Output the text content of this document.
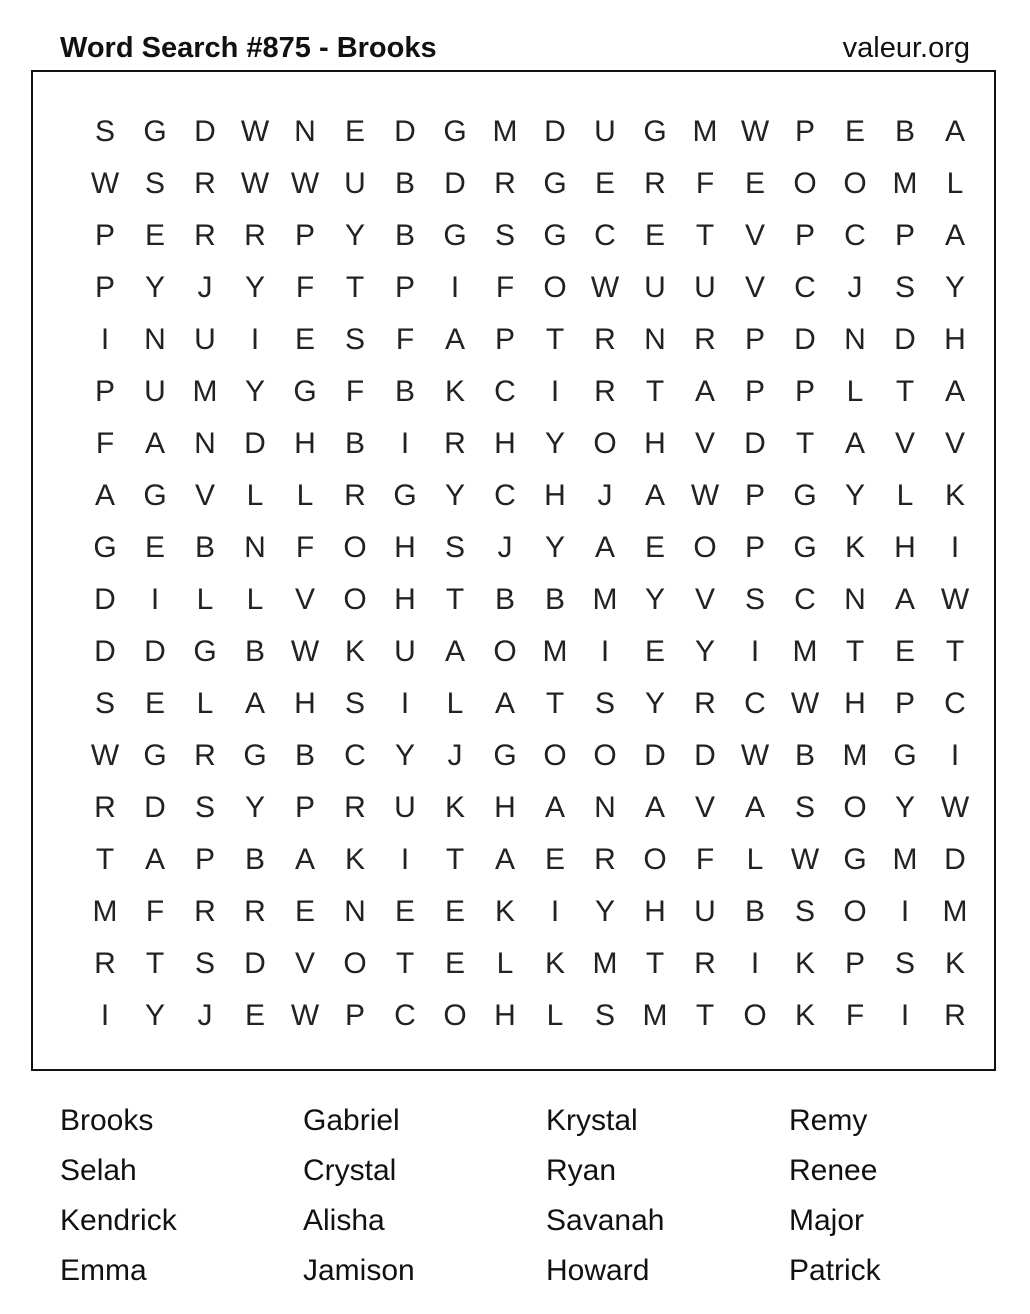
Word Search #875 - Brooks	valeur.org
S G D W N E D G M D U G M W P E B A
W S R W W U B D R G E R	F	E O O M L
P E R R P Y B G S G C E	T	V P C P A
P Y	J	Y	F	T	P	I	F O W U U V C	J	S Y
I	N U	I	E S	F	A P	T	R N R P D N D H
P U M Y G F	B K C	I	R	T	A P P	L	T	A
F	A N D H B	I	R H Y O H V D	T	A V V
A G V	L	L	R G Y C H	J	A W P G Y	L	K
G E B N	F O H S	J	Y A E O P G K H	I
D	I	L	L	V O H	T	B B M Y V S C N A W
D D G B W K U A O M	I	E Y	I	M T	E	T
S E	L	A H S	I	L	A	T	S Y R C W H P C
W G R G B C Y	J	G O O D D W B M G	I
R D S Y P R U K H A N A V A S O Y W
T	A P B A K	I	T	A E R O F	L W G M D
M F	R R E N E E K	I	Y H U B S O	I	M
R	T	S D V O T	E	L	K M T	R	I	K P S K
I	Y	J	E W P C O H	L	S M T O K	F	I	R
Brooks	Gabriel	Krystal	Remy
Selah	Crystal	Ryan	Renee
Kendrick	Alisha	Savanah	Major
Emma	Jamison	Howard	Patrick
